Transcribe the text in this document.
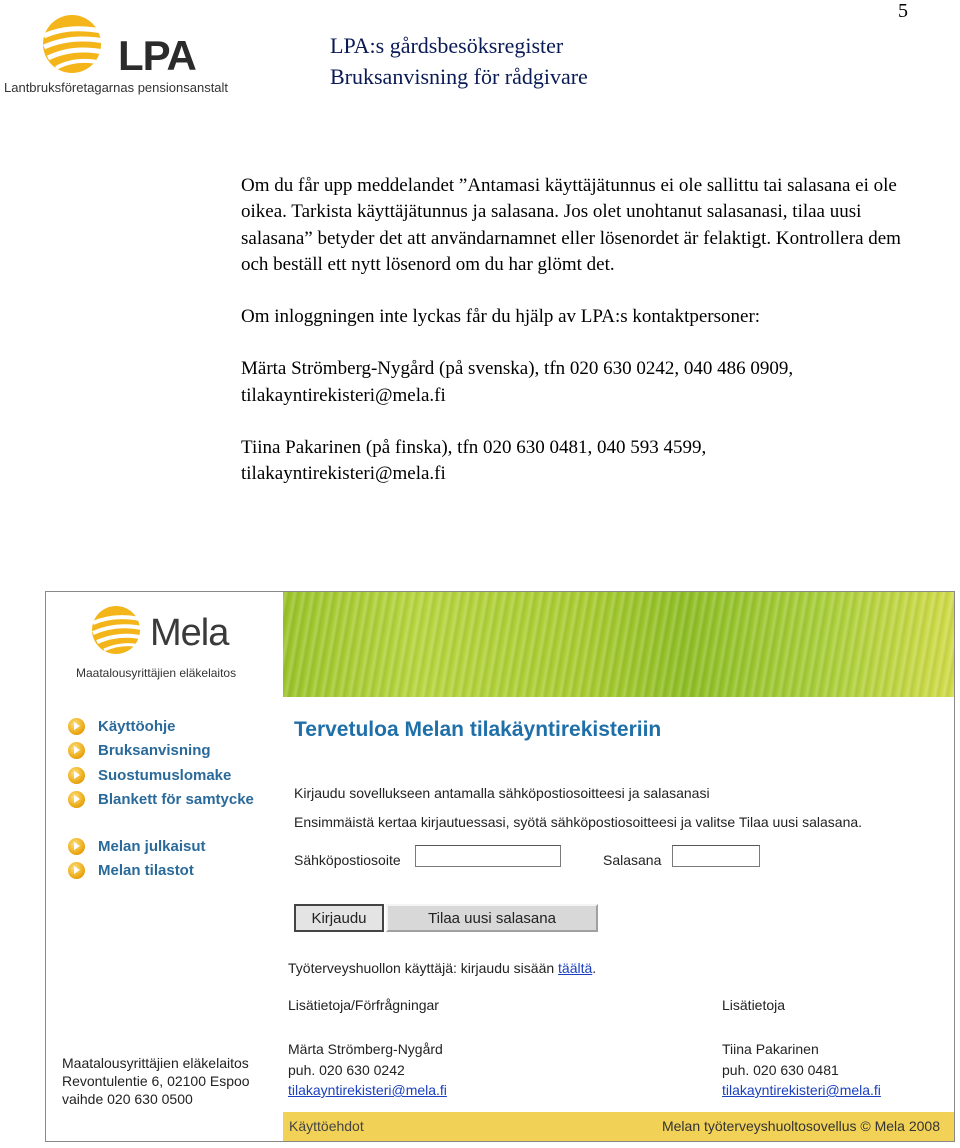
5
LPA
Lantbruksföretagarnas pensionsanstalt
LPA:s gårdsbesöksregister
Bruksanvisning för rådgivare

Om du får upp meddelandet ”Antamasi käyttäjätunnus ei ole sallittu tai salasana ei ole oikea. Tarkista käyttäjätunnus ja salasana. Jos olet unohtanut salasanasi, tilaa uusi salasana” betyder det att användarnamnet eller lösenordet är felaktigt. Kontrollera dem och beställ ett nytt lösenord om du har glömt det.

Om inloggningen inte lyckas får du hjälp av LPA:s kontaktpersoner:

Märta Strömberg-Nygård (på svenska), tfn 020 630 0242, 040 486 0909,
tilakayntirekisteri@mela.fi

Tiina Pakarinen (på finska), tfn 020 630 0481, 040 593 4599,
tilakayntirekisteri@mela.fi

Mela
Maatalousyrittäjien eläkelaitos
Käyttöohje
Bruksanvisning
Suostumuslomake
Blankett för samtycke
Melan julkaisut
Melan tilastot
Tervetuloa Melan tilakäyntirekisteriin
Kirjaudu sovellukseen antamalla sähköpostiosoitteesi ja salasanasi
Ensimmäistä kertaa kirjautuessasi, syötä sähköpostiosoitteesi ja valitse Tilaa uusi salasana.
Sähköpostiosoite	Salasana
Kirjaudu	Tilaa uusi salasana
Työterveyshuollon käyttäjä: kirjaudu sisään täältä.
Lisätietoja/Förfrågningar	Lisätietoja
Märta Strömberg-Nygård
puh. 020 630 0242
tilakayntirekisteri@mela.fi
Tiina Pakarinen
puh. 020 630 0481
tilakayntirekisteri@mela.fi
Maatalousyrittäjien eläkelaitos
Revontulentie 6, 02100 Espoo
vaihde 020 630 0500
Käyttöehdot	Melan työterveyshuoltosovellus © Mela 2008
